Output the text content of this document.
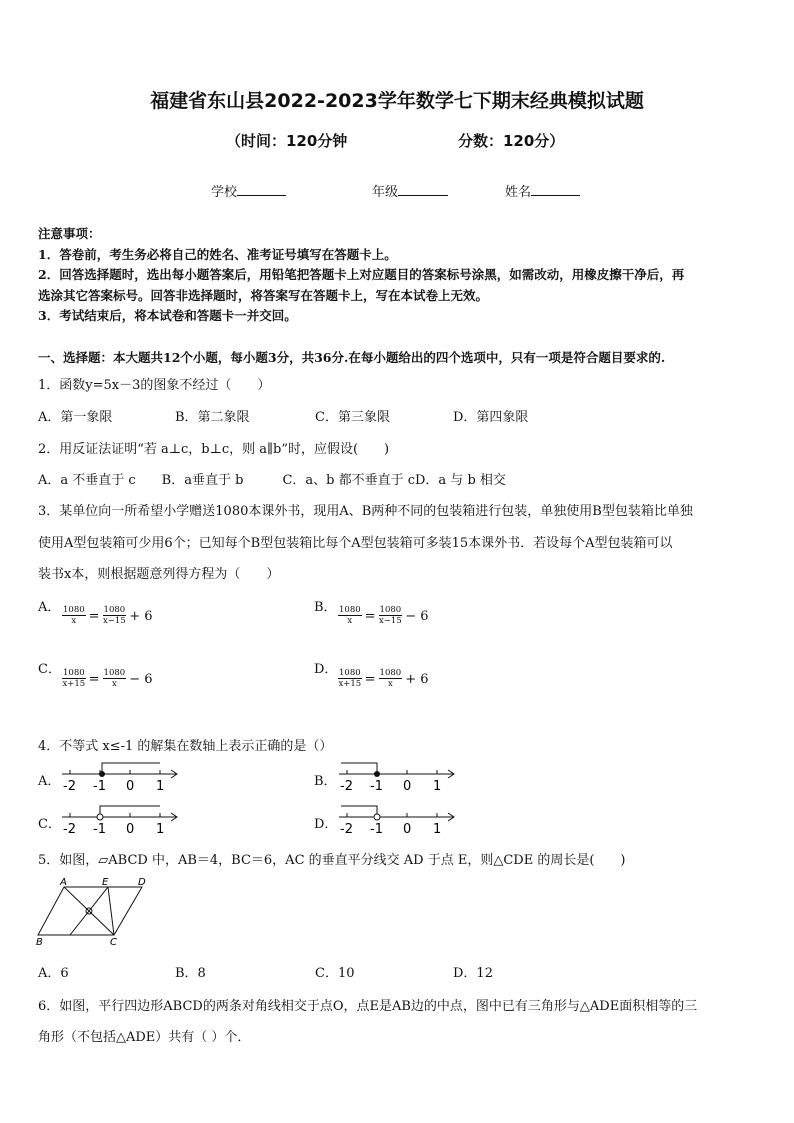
福建省东山县2022-2023学年数学七下期末经典模拟试题
（时间：120分钟	分数：120分）
学校	年级	姓名
注意事项：
1．答卷前，考生务必将自己的姓名、准考证号填写在答题卡上。
2．回答选择题时，选出每小题答案后，用铅笔把答题卡上对应题目的答案标号涂黑，如需改动，用橡皮擦干净后，再
选涂其它答案标号。回答非选择题时，将答案写在答题卡上，写在本试卷上无效。
3．考试结束后，将本试卷和答题卡一并交回。
一、选择题：本大题共12个小题，每小题3分，共36分.在每小题给出的四个选项中，只有一项是符合题目要求的.
1．函数y=5x－3的图象不经过（　　）
A．第一象限	B．第二象限	C．第三象限	D．第四象限
2．用反证法证明“若 a⊥c，b⊥c，则 a∥b”时，应假设(　　)
A．a 不垂直于 c　　B．a垂直于 b　　　C．a、b 都不垂直于 cD．a 与 b 相交
3．某单位向一所希望小学赠送1080本课外书，现用A、B两种不同的包装箱进行包装，单独使用B型包装箱比单独
使用A型包装箱可少用6个；已知每个B型包装箱比每个A型包装箱可多装15本课外书．若设每个A型包装箱可以
装书x本，则根据题意列得方程为（　　）
A． $\frac{1080}{x} = \frac{1080}{x-15} + 6$
B． $\frac{1080}{x} = \frac{1080}{x-15} - 6$
C． $\frac{1080}{x+15} = \frac{1080}{x} - 6$
D． $\frac{1080}{x+15} = \frac{1080}{x} + 6$
4．不等式 x≤-1 的解集在数轴上表示正确的是（）
A． -2 -1 0 1	B． -2 -1 0 1
C． -2 -1 0 1	D． -2 -1 0 1
5．如图，▱ABCD 中，AB＝4，BC＝6，AC 的垂直平分线交 AD 于点 E，则△CDE 的周长是(　　)
A	E	D
B	C
A．6	B．8	C．10	D．12
6．如图，平行四边形ABCD的两条对角线相交于点O，点E是AB边的中点，图中已有三角形与△ADE面积相等的三
角形（不包括△ADE）共有（ ）个．
